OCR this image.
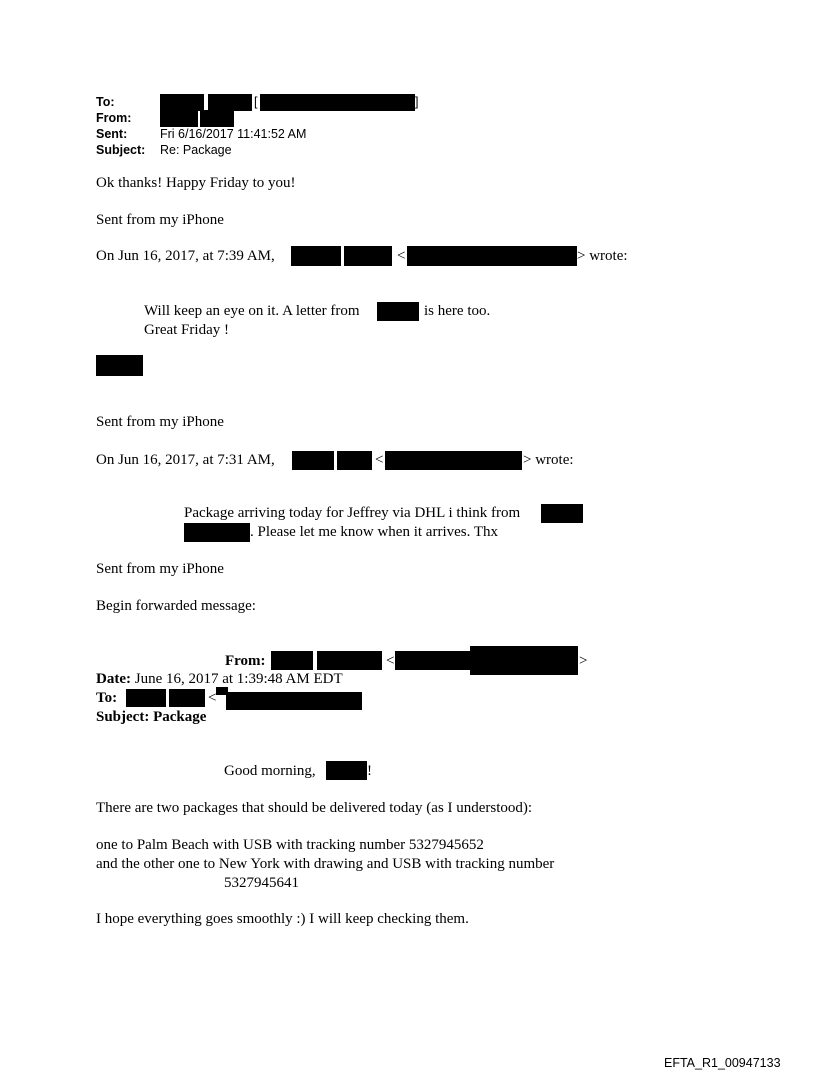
To:	[	]
From:
Sent:	Fri 6/16/2017 11:41:52 AM
Subject: Re: Package
Ok thanks! Happy Friday to you!
Sent from my iPhone
On Jun 16, 2017, at 7:39 AM,	<	> wrote:
Will keep an eye on it. A letter from	is here too.
Great Friday !
Sent from my iPhone
On Jun 16, 2017, at 7:31 AM,	<	> wrote:
Package arriving today for Jeffrey via DHL i think from
. Please let me know when it arrives. Thx
Sent from my iPhone
Begin forwarded message:
From:	<	>
Date: June 16, 2017 at 1:39:48 AM EDT
To:	<
Subject: Package
Good morning,	!
There are two packages that should be delivered today (as I understood):
one to Palm Beach with USB with tracking number 5327945652
and the other one to New York with drawing and USB with tracking number
5327945641
I hope everything goes smoothly :) I will keep checking them.
EFTA_R1_00947133
